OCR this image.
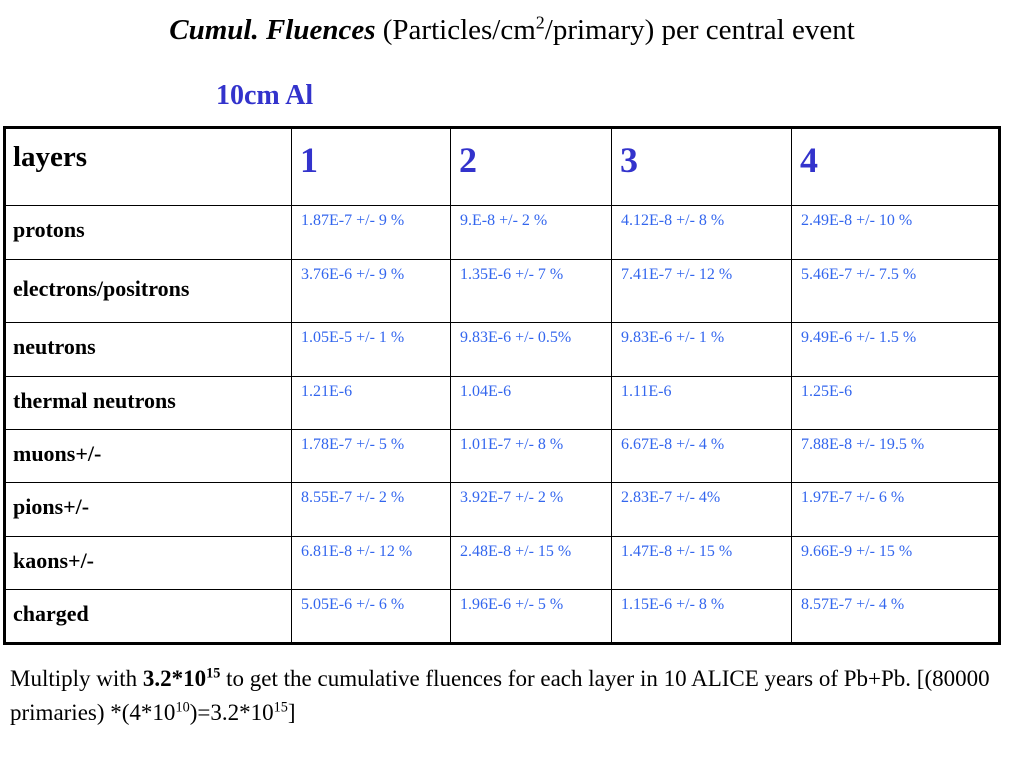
Cumul. Fluences $(Particles/cm^2/primary)$ per central event
10cm Al
layers	1	2	3	4
protons	1.87E-7 +/- 9 %	9.E-8 +/- 2 %	4.12E-8 +/- 8 %	2.49E-8 +/- 10 %
electrons/positrons	3.76E-6 +/- 9 %	1.35E-6 +/- 7 %	7.41E-7 +/- 12 %	5.46E-7 +/- 7.5 %
neutrons	1.05E-5 +/- 1 %	9.83E-6 +/- 0.5%	9.83E-6 +/- 1 %	9.49E-6 +/- 1.5 %
thermal neutrons	1.21E-6	1.04E-6	1.11E-6	1.25E-6
muons+/-	1.78E-7 +/- 5 %	1.01E-7 +/- 8 %	6.67E-8 +/- 4 %	7.88E-8 +/- 19.5 %
pions+/-	8.55E-7 +/- 2 %	3.92E-7 +/- 2 %	2.83E-7 +/- 4%	1.97E-7 +/- 6 %
kaons+/-	6.81E-8 +/- 12 %	2.48E-8 +/- 15 %	1.47E-8 +/- 15 %	9.66E-9 +/- 15 %
charged	5.05E-6 +/- 6 %	1.96E-6 +/- 5 %	1.15E-6 +/- 8 %	8.57E-7 +/- 4 %
Multiply with $3.2*10^{15}$ to get the cumulative fluences for each layer in 10 ALICE years of Pb+Pb. [(80000 primaries) $*(4*10^{10})=3.2*10^{15}$]
